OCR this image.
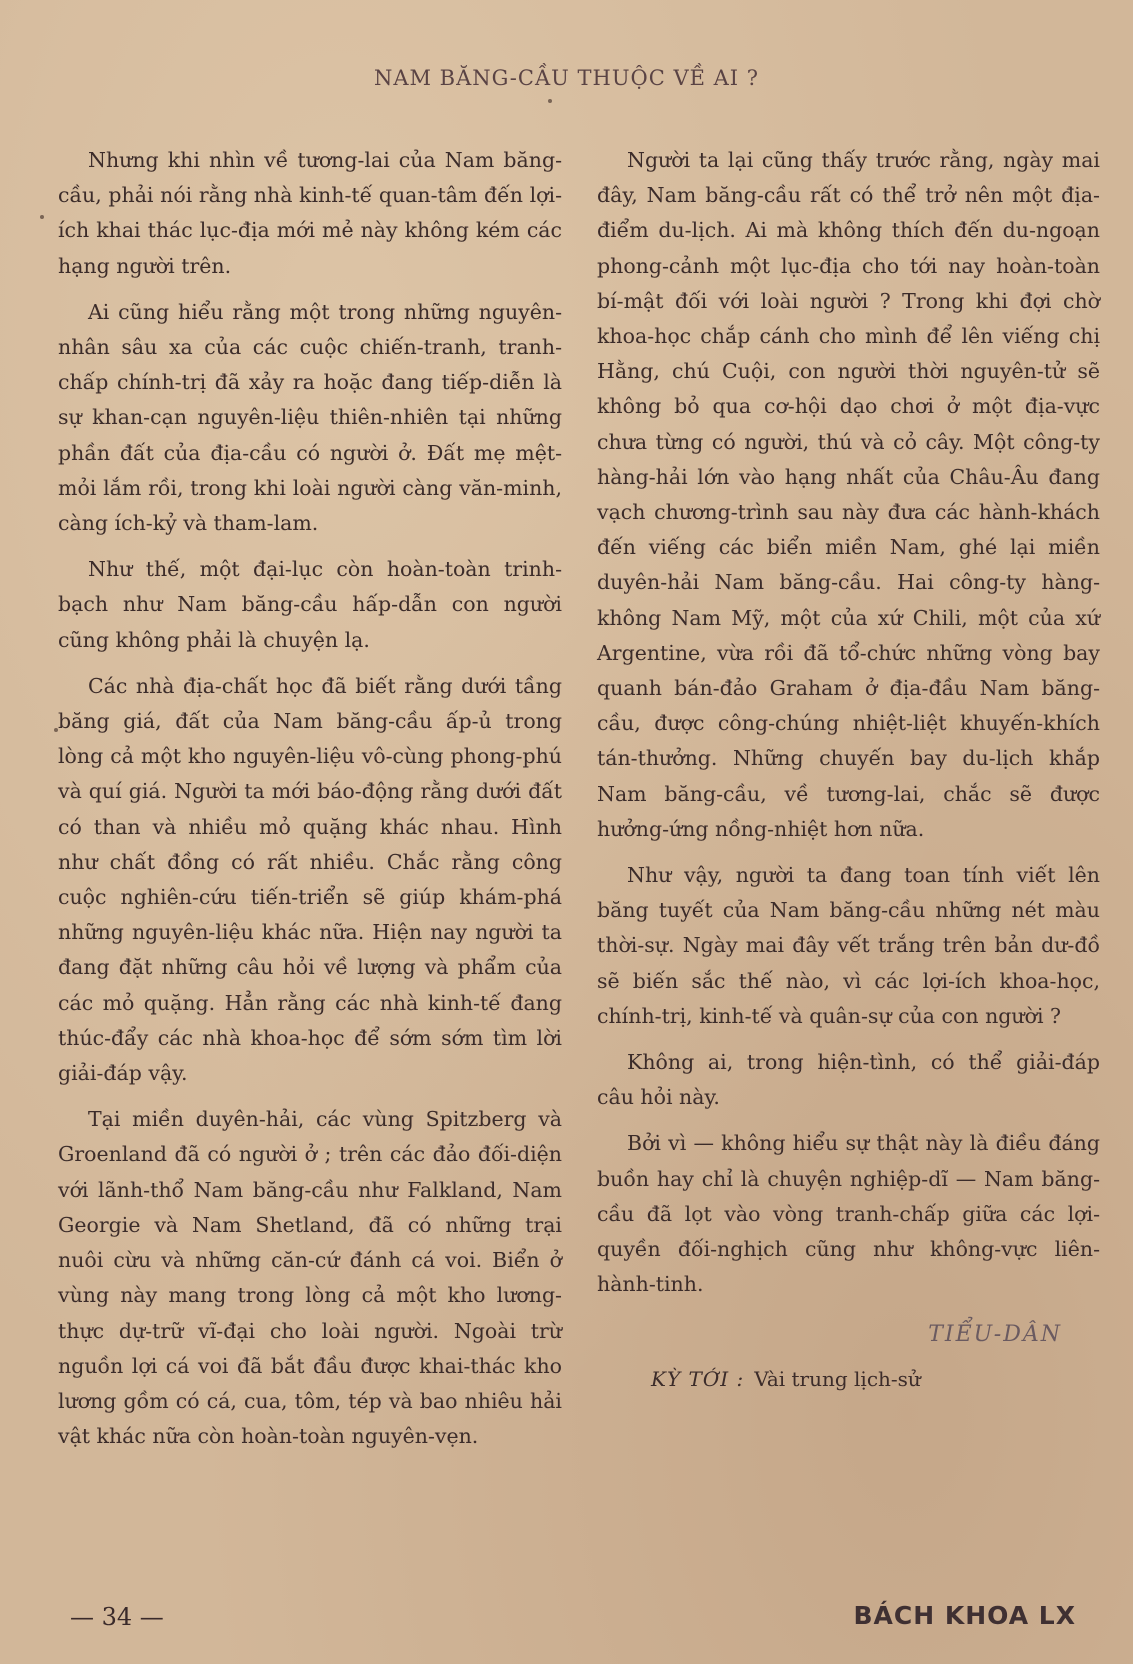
NAM BĂNG-CẦU THUỘC VỀ AI ?

Nhưng khi nhìn về tương-lai của Nam băng-cầu, phải nói rằng nhà kinh-tế quan-tâm đến lợi-ích khai thác lục-địa mới mẻ này không kém các hạng người trên.

Ai cũng hiểu rằng một trong những nguyên-nhân sâu xa của các cuộc chiến-tranh, tranh-chấp chính-trị đã xảy ra hoặc đang tiếp-diễn là sự khan-cạn nguyên-liệu thiên-nhiên tại những phần đất của địa-cầu có người ở. Đất mẹ mệt-mỏi lắm rồi, trong khi loài người càng văn-minh, càng ích-kỷ và tham-lam.

Như thế, một đại-lục còn hoàn-toàn trinh-bạch như Nam băng-cầu hấp-dẫn con người cũng không phải là chuyện lạ.

Các nhà địa-chất học đã biết rằng dưới tầng băng giá, đất của Nam băng-cầu ấp-ủ trong lòng cả một kho nguyên-liệu vô-cùng phong-phú và quí giá. Người ta mới báo-động rằng dưới đất có than và nhiều mỏ quặng khác nhau. Hình như chất đồng có rất nhiều. Chắc rằng công cuộc nghiên-cứu tiến-triển sẽ giúp khám-phá những nguyên-liệu khác nữa. Hiện nay người ta đang đặt những câu hỏi về lượng và phẩm của các mỏ quặng. Hẳn rằng các nhà kinh-tế đang thúc-đẩy các nhà khoa-học để sớm sớm tìm lời giải-đáp vậy.

Tại miền duyên-hải, các vùng Spitzberg và Groenland đã có người ở ; trên các đảo đối-diện với lãnh-thổ Nam băng-cầu như Falkland, Nam Georgie và Nam Shetland, đã có những trại nuôi cừu và những căn-cứ đánh cá voi. Biển ở vùng này mang trong lòng cả một kho lương-thực dự-trữ vĩ-đại cho loài người. Ngoài trừ nguồn lợi cá voi đã bắt đầu được khai-thác kho lương gồm có cá, cua, tôm, tép và bao nhiêu hải vật khác nữa còn hoàn-toàn nguyên-vẹn.

Người ta lại cũng thấy trước rằng, ngày mai đây, Nam băng-cầu rất có thể trở nên một địa-điểm du-lịch. Ai mà không thích đến du-ngoạn phong-cảnh một lục-địa cho tới nay hoàn-toàn bí-mật đối với loài người ? Trong khi đợi chờ khoa-học chắp cánh cho mình để lên viếng chị Hằng, chú Cuội, con người thời nguyên-tử sẽ không bỏ qua cơ-hội dạo chơi ở một địa-vực chưa từng có người, thú và cỏ cây. Một công-ty hàng-hải lớn vào hạng nhất của Châu-Âu đang vạch chương-trình sau này đưa các hành-khách đến viếng các biển miền Nam, ghé lại miền duyên-hải Nam băng-cầu. Hai công-ty hàng-không Nam Mỹ, một của xứ Chili, một của xứ Argentine, vừa rồi đã tổ-chức những vòng bay quanh bán-đảo Graham ở địa-đầu Nam băng-cầu, được công-chúng nhiệt-liệt khuyến-khích tán-thưởng. Những chuyến bay du-lịch khắp Nam băng-cầu, về tương-lai, chắc sẽ được hưởng-ứng nồng-nhiệt hơn nữa.

Như vậy, người ta đang toan tính viết lên băng tuyết của Nam băng-cầu những nét màu thời-sự. Ngày mai đây vết trắng trên bản dư-đồ sẽ biến sắc thế nào, vì các lợi-ích khoa-học, chính-trị, kinh-tế và quân-sự của con người ?

Không ai, trong hiện-tình, có thể giải-đáp câu hỏi này.

Bởi vì — không hiểu sự thật này là điều đáng buồn hay chỉ là chuyện nghiệp-dĩ — Nam băng-cầu đã lọt vào vòng tranh-chấp giữa các lợi-quyền đối-nghịch cũng như không-vực liên-hành-tinh.

TIỂU-DÂN
KỲ TỚI : Vài trung lịch-sử
— 34 —	BÁCH KHOA LX
